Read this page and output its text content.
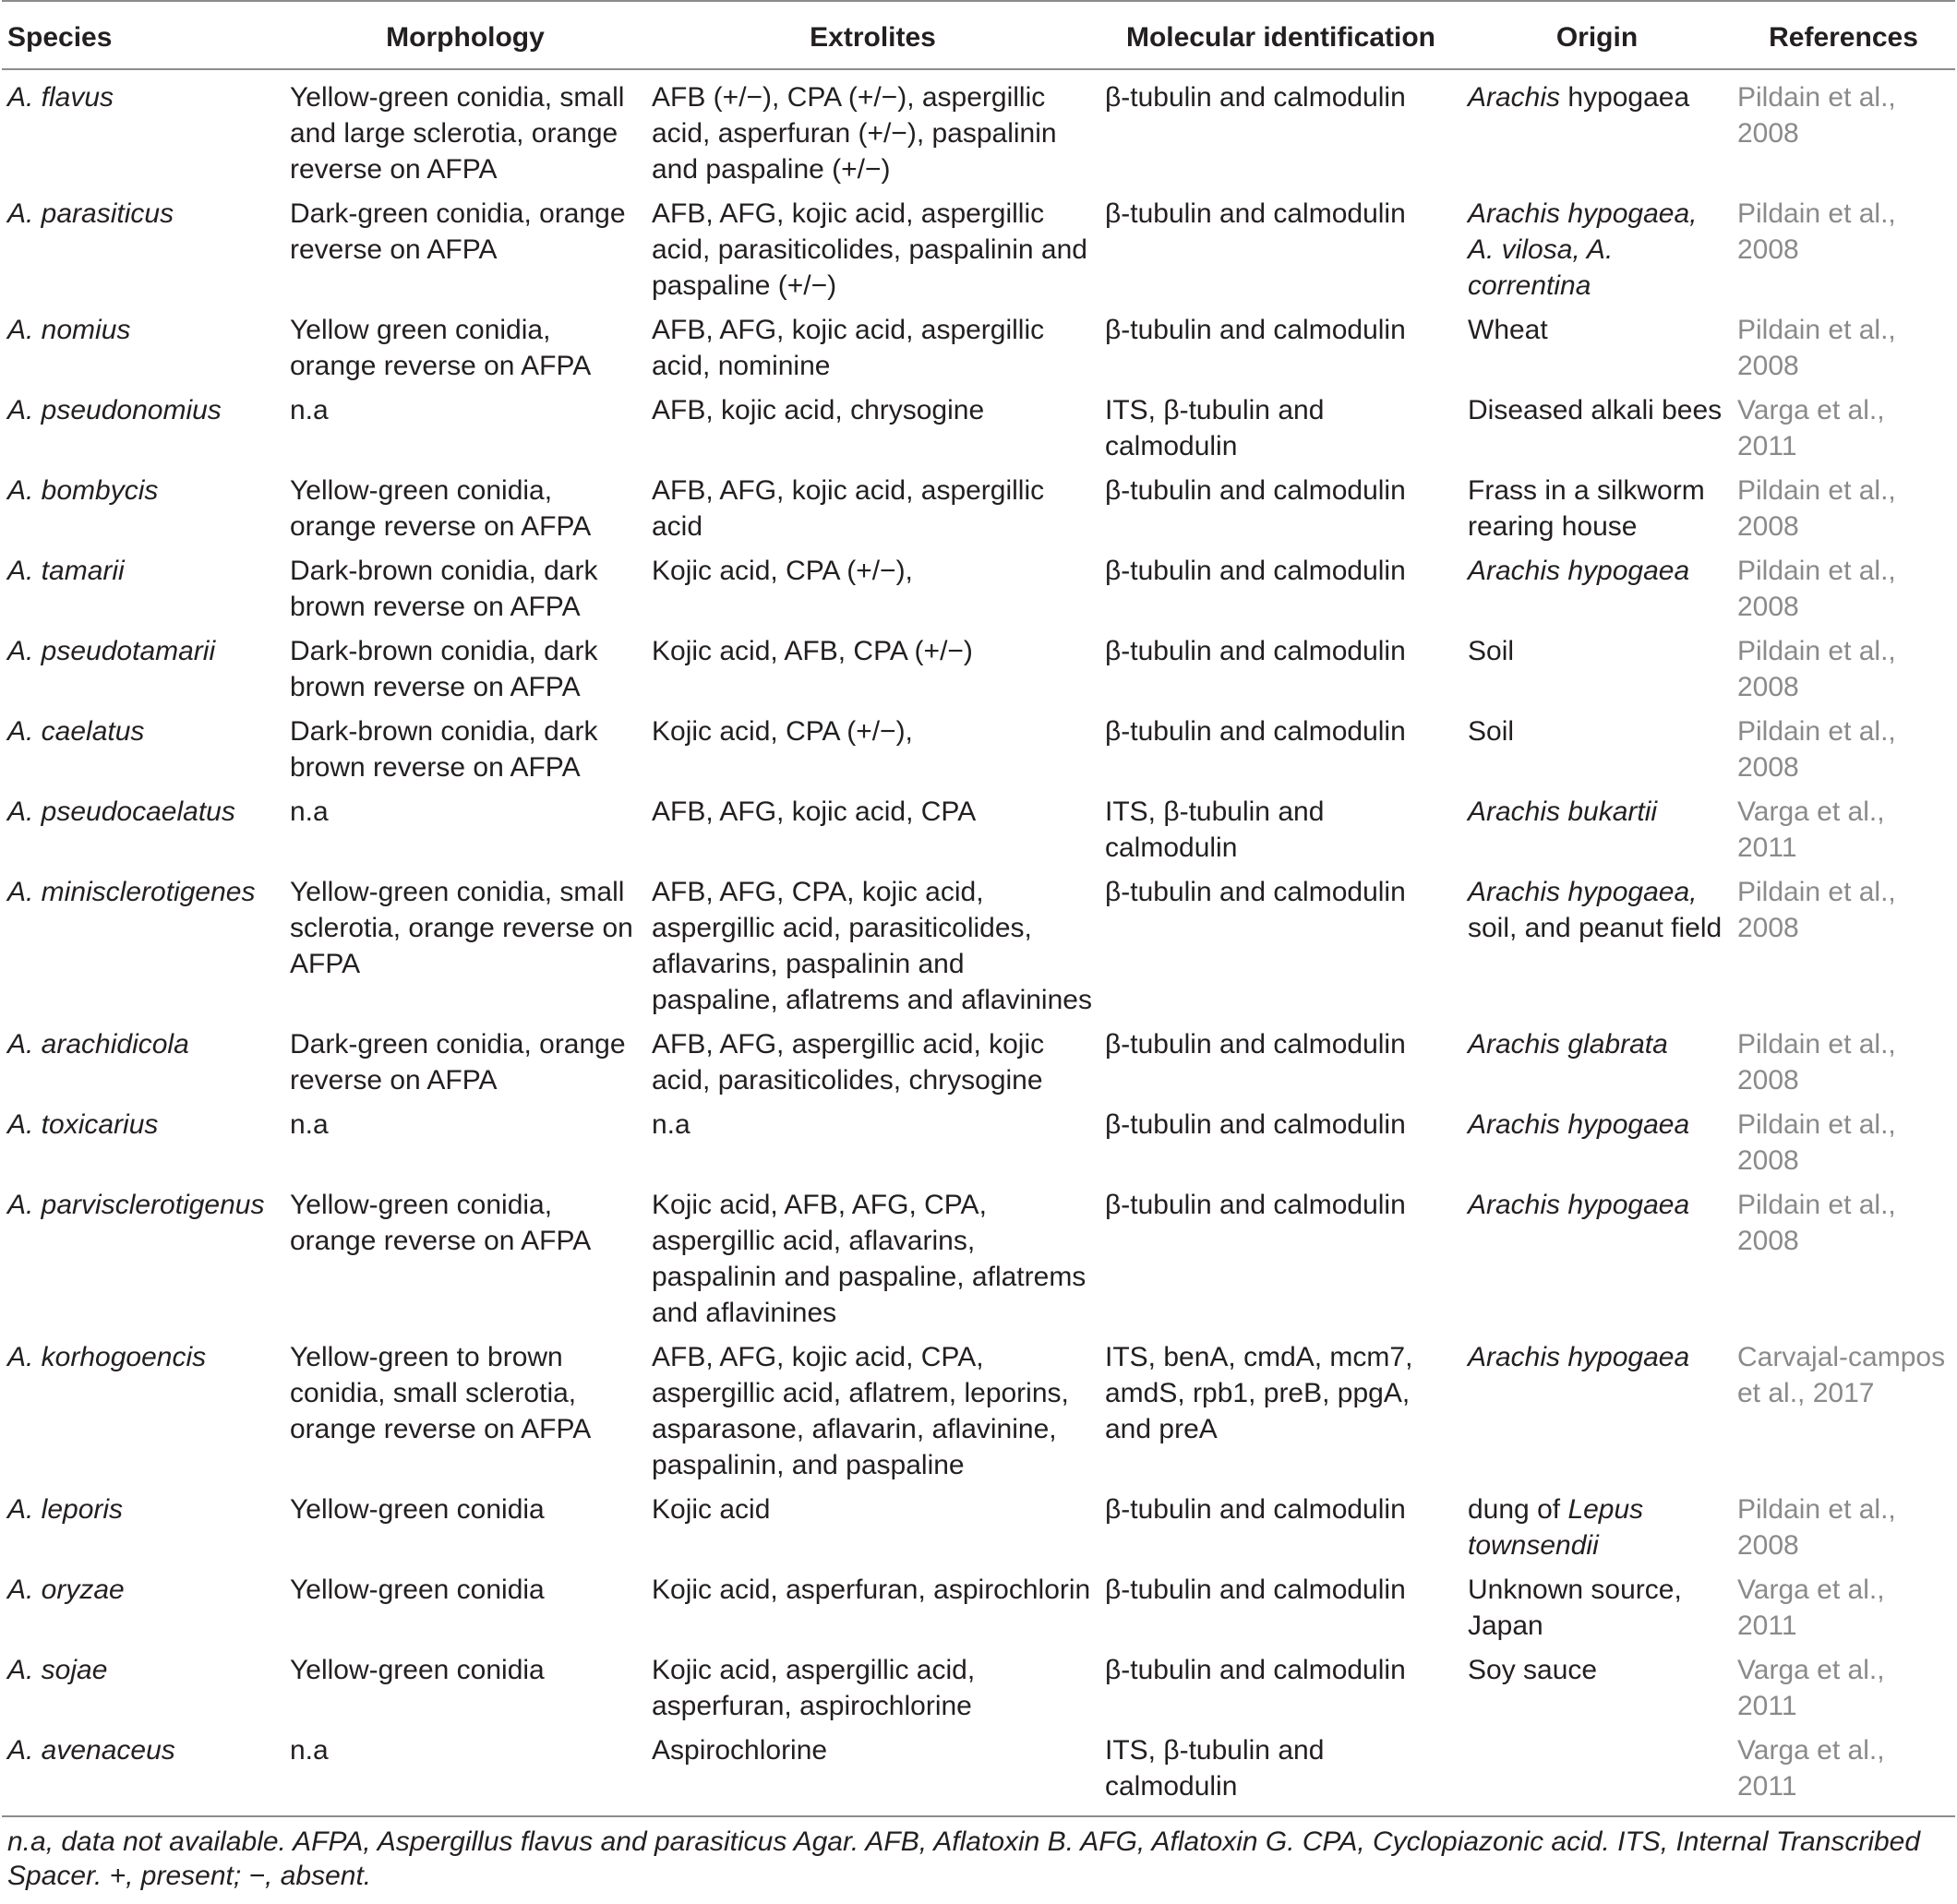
Species	Morphology	Extrolites	Molecular identification	Origin	References
A. flavus	Yellow-green conidia, small and large sclerotia, orange reverse on AFPA	AFB (+/−), CPA (+/−), aspergillic acid, asperfuran (+/−), paspalinin and paspaline (+/−)	β-tubulin and calmodulin	Arachis hypogaea	Pildain et al., 2008
A. parasiticus	Dark-green conidia, orange reverse on AFPA	AFB, AFG, kojic acid, aspergillic acid, parasiticolides, paspalinin and paspaline (+/−)	β-tubulin and calmodulin	Arachis hypogaea, A. vilosa, A. correntina	Pildain et al., 2008
A. nomius	Yellow green conidia, orange reverse on AFPA	AFB, AFG, kojic acid, aspergillic acid, nominine	β-tubulin and calmodulin	Wheat	Pildain et al., 2008
A. pseudonomius	n.a	AFB, kojic acid, chrysogine	ITS, β-tubulin and calmodulin	Diseased alkali bees	Varga et al., 2011
A. bombycis	Yellow-green conidia, orange reverse on AFPA	AFB, AFG, kojic acid, aspergillic acid	β-tubulin and calmodulin	Frass in a silkworm rearing house	Pildain et al., 2008
A. tamarii	Dark-brown conidia, dark brown reverse on AFPA	Kojic acid, CPA (+/−),	β-tubulin and calmodulin	Arachis hypogaea	Pildain et al., 2008
A. pseudotamarii	Dark-brown conidia, dark brown reverse on AFPA	Kojic acid, AFB, CPA (+/−)	β-tubulin and calmodulin	Soil	Pildain et al., 2008
A. caelatus	Dark-brown conidia, dark brown reverse on AFPA	Kojic acid, CPA (+/−),	β-tubulin and calmodulin	Soil	Pildain et al., 2008
A. pseudocaelatus	n.a	AFB, AFG, kojic acid, CPA	ITS, β-tubulin and calmodulin	Arachis bukartii	Varga et al., 2011
A. minisclerotigenes	Yellow-green conidia, small sclerotia, orange reverse on AFPA	AFB, AFG, CPA, kojic acid, aspergillic acid, parasiticolides, aflavarins, paspalinin and paspaline, aflatrems and aflavinines	β-tubulin and calmodulin	Arachis hypogaea, soil, and peanut field	Pildain et al., 2008
A. arachidicola	Dark-green conidia, orange reverse on AFPA	AFB, AFG, aspergillic acid, kojic acid, parasiticolides, chrysogine	β-tubulin and calmodulin	Arachis glabrata	Pildain et al., 2008
A. toxicarius	n.a	n.a	β-tubulin and calmodulin	Arachis hypogaea	Pildain et al., 2008
A. parvisclerotigenus	Yellow-green conidia, orange reverse on AFPA	Kojic acid, AFB, AFG, CPA, aspergillic acid, aflavarins, paspalinin and paspaline, aflatrems and aflavinines	β-tubulin and calmodulin	Arachis hypogaea	Pildain et al., 2008
A. korhogoencis	Yellow-green to brown conidia, small sclerotia, orange reverse on AFPA	AFB, AFG, kojic acid, CPA, aspergillic acid, aflatrem, leporins, asparasone, aflavarin, aflavinine, paspalinin, and paspaline	ITS, benA, cmdA, mcm7, amdS, rpb1, preB, ppgA, and preA	Arachis hypogaea	Carvajal-campos et al., 2017
A. leporis	Yellow-green conidia	Kojic acid	β-tubulin and calmodulin	dung of Lepus townsendii	Pildain et al., 2008
A. oryzae	Yellow-green conidia	Kojic acid, asperfuran, aspirochlorin	β-tubulin and calmodulin	Unknown source, Japan	Varga et al., 2011
A. sojae	Yellow-green conidia	Kojic acid, aspergillic acid, asperfuran, aspirochlorine	β-tubulin and calmodulin	Soy sauce	Varga et al., 2011
A. avenaceus	n.a	Aspirochlorine	ITS, β-tubulin and calmodulin		Varga et al., 2011
n.a, data not available. AFPA, Aspergillus flavus and parasiticus Agar. AFB, Aflatoxin B. AFG, Aflatoxin G. CPA, Cyclopiazonic acid. ITS, Internal Transcribed Spacer. +, present; −, absent.
